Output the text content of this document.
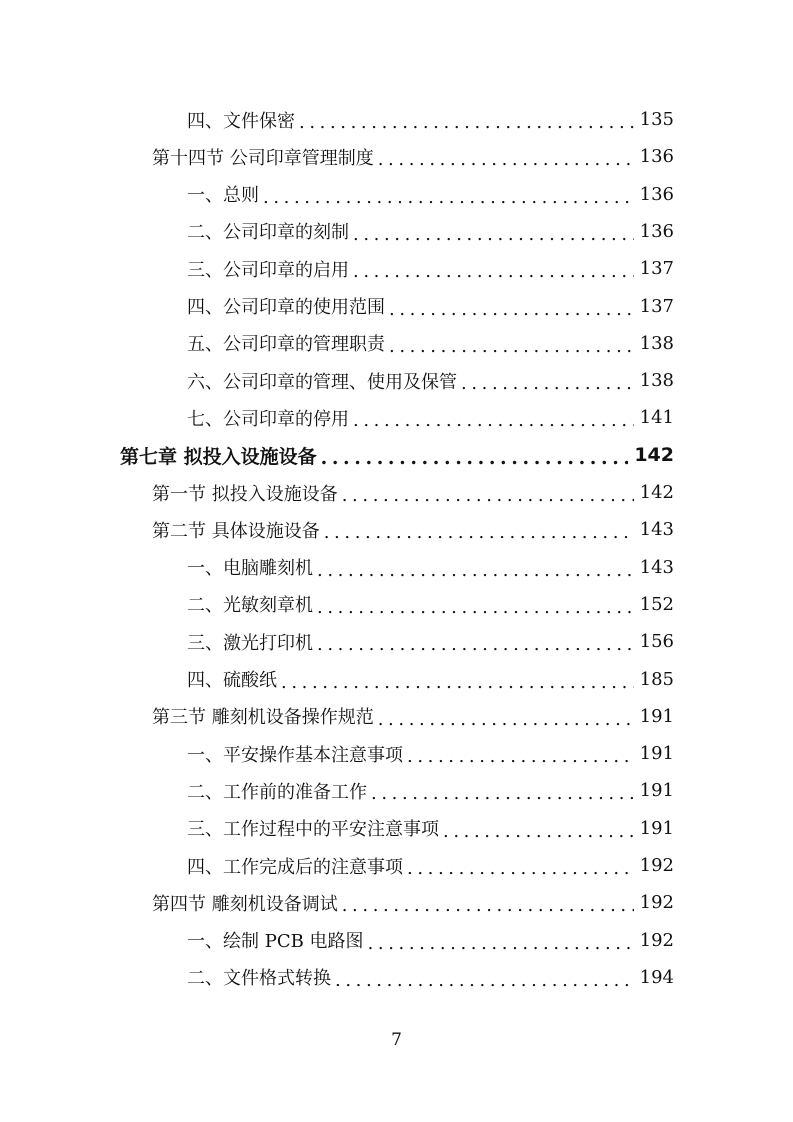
四、文件保密 .....	135
第十四节 公司印章管理制度 .....	136
一、总则 .....	136
二、公司印章的刻制 .....	136
三、公司印章的启用 .....	137
四、公司印章的使用范围 .....	137
五、公司印章的管理职责 .....	138
六、公司印章的管理、使用及保管 .....	138
七、公司印章的停用 .....	141
第七章 拟投入设施设备 .....	142
第一节 拟投入设施设备 .....	142
第二节 具体设施设备 .....	143
一、电脑雕刻机 .....	143
二、光敏刻章机 .....	152
三、激光打印机 .....	156
四、硫酸纸 .....	185
第三节 雕刻机设备操作规范 .....	191
一、平安操作基本注意事项 .....	191
二、工作前的准备工作 .....	191
三、工作过程中的平安注意事项 .....	191
四、工作完成后的注意事项 .....	192
第四节 雕刻机设备调试 .....	192
一、绘制 PCB 电路图 .....	192
二、文件格式转换 .....	194
7
